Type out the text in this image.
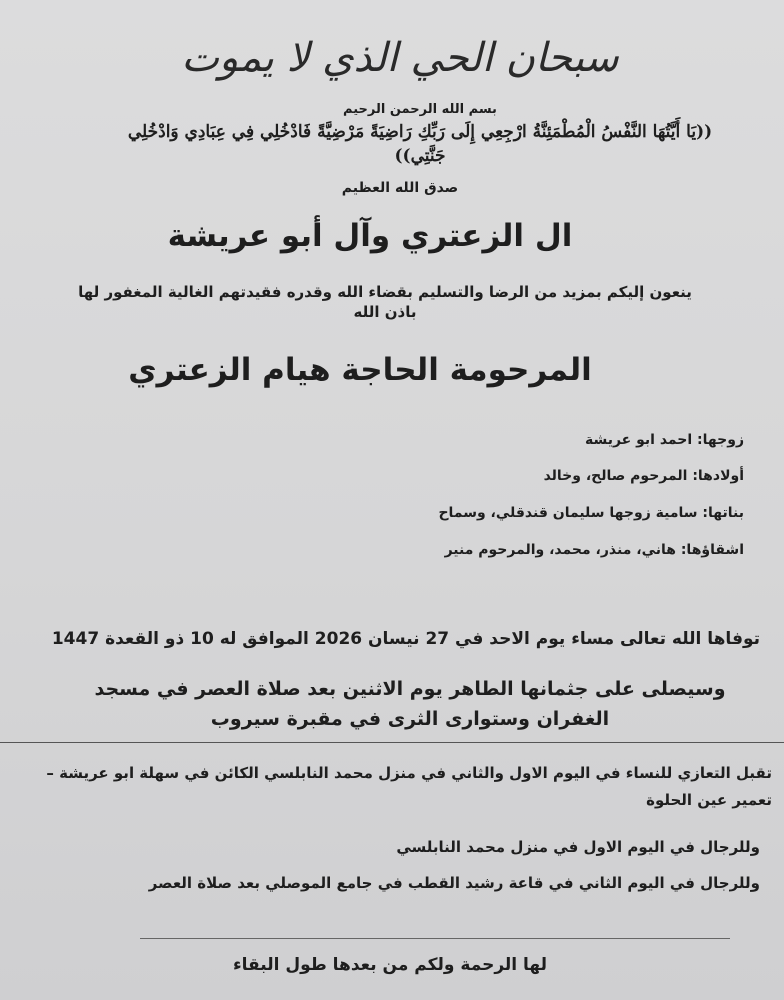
سبحان الحي الذي لا يموت
بسم الله الرحمن الرحيم
((يَا أَيَّتُهَا النَّفْسُ الْمُطْمَئِنَّةُ ارْجِعِي إِلَى رَبِّكِ رَاضِيَةً مَرْضِيَّةً فَادْخُلِي فِي عِبَادِي وَادْخُلِي جَنَّتِي))
صدق الله العظيم
ال الزعتري وآل أبو عريشة
ينعون إليكم بمزيد من الرضا والتسليم بقضاء الله وقدره فقيدتهم الغالية المغفور لها باذن الله
المرحومة الحاجة هيام الزعتري
زوجها: احمد ابو عريشة
أولادها: المرحوم صالح، وخالد
بناتها: سامية زوجها سليمان قندقلي، وسماح
اشقاؤها: هاني، منذر، محمد، والمرحوم منير
توفاها الله تعالى مساء يوم الاحد في 27 نيسان 2026 الموافق له 10 ذو القعدة 1447
وسيصلى على جثمانها الطاهر يوم الاثنين بعد صلاة العصر في مسجد الغفران وستوارى الثرى في مقبرة سيروب
تقبل التعازي للنساء في اليوم الاول والثاني في منزل محمد النابلسي الكائن في سهلة ابو عريشة – تعمير عين الحلوة
وللرجال في اليوم الاول في منزل محمد النابلسي
وللرجال في اليوم الثاني في قاعة رشيد القطب في جامع الموصلي بعد صلاة العصر
لها الرحمة ولكم من بعدها طول البقاء
